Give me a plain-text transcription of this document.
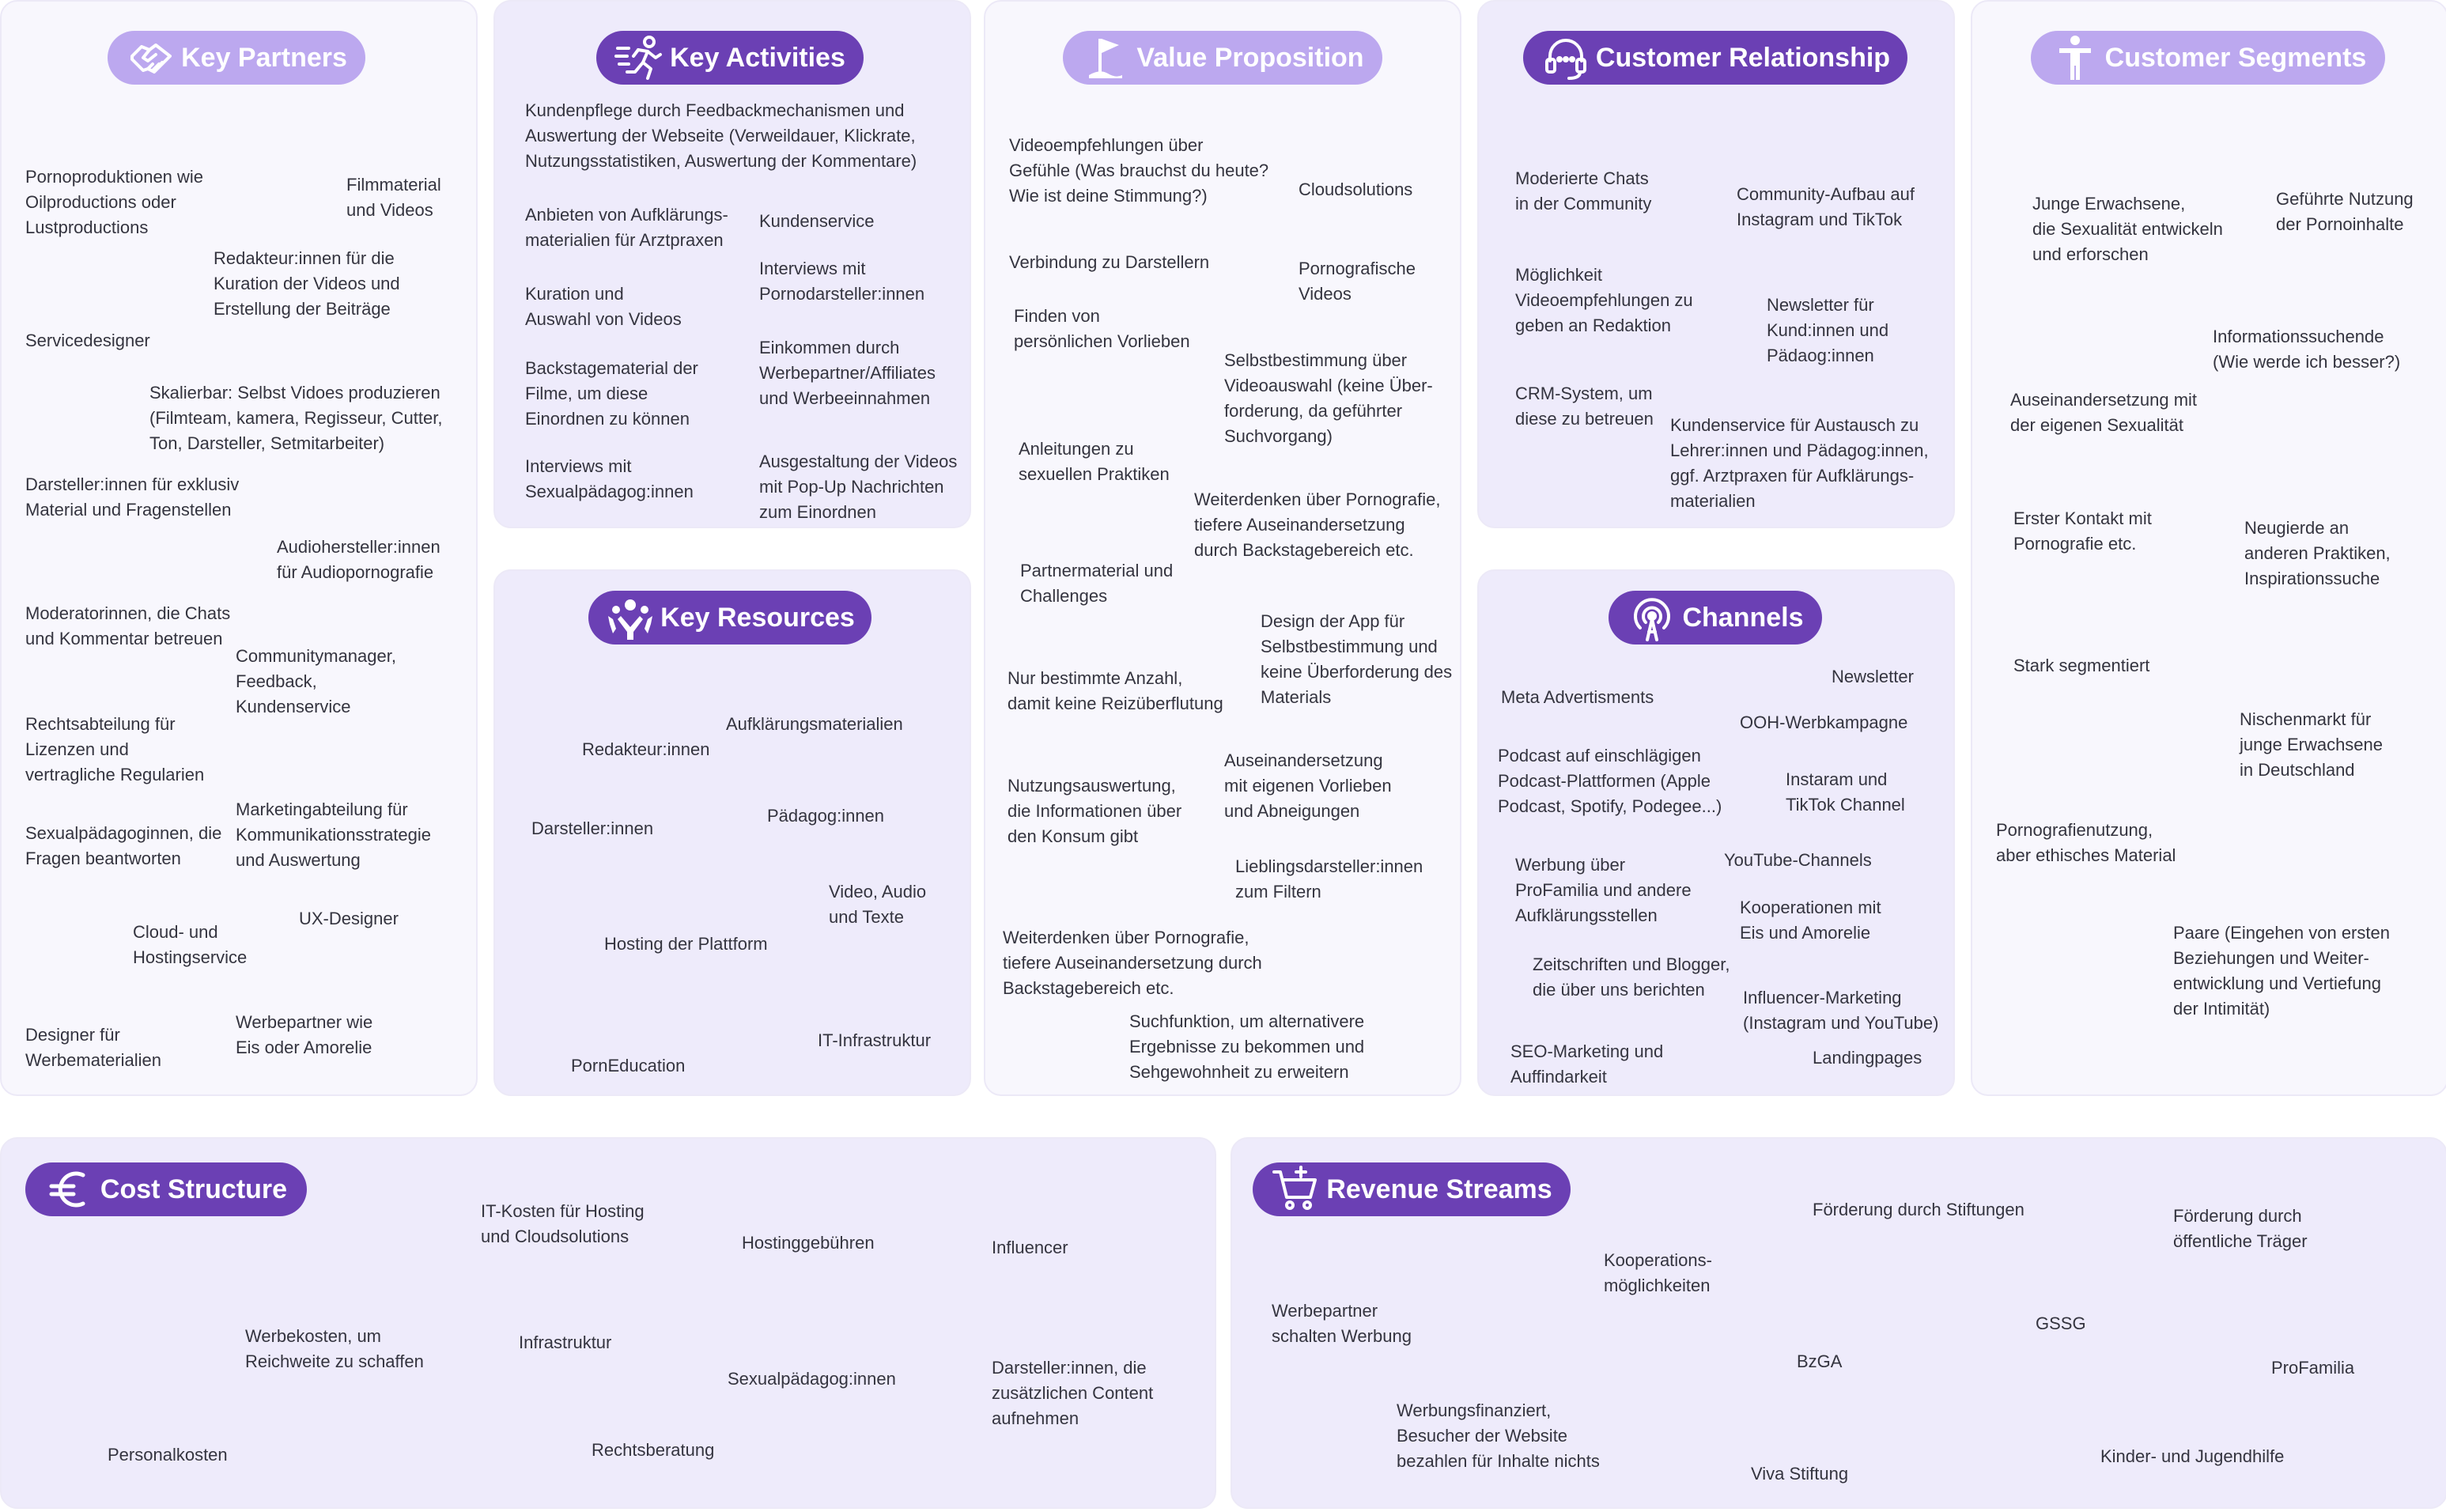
Key Partners	Key Activities
Key Resources
Value Proposition	Customer Relationship
Channels
Customer Segments
Cost Structure	Revenue Streams
Pornoproduktionen wie
Oilproductions oder
Lustproductions
Filmmaterial
und Videos
Redakteur:innen für die
Kuration der Videos und
Erstellung der Beiträge
Servicedesigner
Skalierbar: Selbst Vidoes produzieren
(Filmteam, kamera, Regisseur, Cutter,
Ton, Darsteller, Setmitarbeiter)
Darsteller:innen für exklusiv
Material und Fragenstellen
Audiohersteller:innen
für Audiopornografie
Moderatorinnen, die Chats
und Kommentar betreuen
Communitymanager,
Feedback,
Kundenservice
Rechtsabteilung für
Lizenzen und
vertragliche Regularien
Sexualpädagoginnen, die
Fragen beantworten
Marketingabteilung für
Kommunikationsstrategie
und Auswertung
UX-Designer
Cloud- und
Hostingservice
Werbepartner wie
Eis oder Amorelie
Designer für
Werbematerialien
Kundenpflege durch Feedbackmechanismen und
Auswertung der Webseite (Verweildauer, Klickrate,
Nutzungsstatistiken, Auswertung der Kommentare)
Anbieten von Aufklärungs-
materialien für Arztpraxen
Kundenservice
Interviews mit
Pornodarsteller:innen
Kuration und
Auswahl von Videos
Einkommen durch
Werbepartner/Affiliates
und Werbeeinnahmen
Backstagematerial der
Filme, um diese
Einordnen zu können
Interviews mit
Sexualpädagog:innen
Ausgestaltung der Videos
mit Pop-Up Nachrichten
zum Einordnen
Aufklärungsmaterialien
Redakteur:innen
Pädagog:innen
Darsteller:innen
Video, Audio
und Texte
Hosting der Plattform
IT-Infrastruktur
PornEducation
Videoempfehlungen über
Gefühle (Was brauchst du heute?
Wie ist deine Stimmung?)	Cloudsolutions
Verbindung zu Darstellern	Pornografische
Videos
Finden von
persönlichen Vorlieben
Selbstbestimmung über
Videoauswahl (keine Über-
forderung, da geführter
Suchvorgang)
Anleitungen zu
sexuellen Praktiken
Weiterdenken über Pornografie,
tiefere Auseinandersetzung
durch Backstagebereich etc.
Partnermaterial und
Challenges
Design der App für
Selbstbestimmung und
keine Überforderung des
Materials
Nur bestimmte Anzahl,
damit keine Reizüberflutung
Auseinandersetzung
mit eigenen Vorlieben
und Abneigungen
Nutzungsauswertung,
die Informationen über
den Konsum gibt
Lieblingsdarsteller:innen
zum Filtern
Weiterdenken über Pornografie,
tiefere Auseinandersetzung durch
Backstagebereich etc.
Suchfunktion, um alternativere
Ergebnisse zu bekommen und
Sehgewohnheit zu erweitern
Moderierte Chats
in der Community	Community-Aufbau auf
Instagram und TikTok
Möglichkeit
Videoempfehlungen zu
geben an Redaktion
Newsletter für
Kund:innen und
Pädaog:innen
CRM-System, um
diese zu betreuen Kundenservice für Austausch zu
Lehrer:innen und Pädagog:innen,
ggf. Arztpraxen für Aufklärungs-
materialien
Newsletter
Meta Advertisments
OOH-Werbkampagne
Podcast auf einschlägigen
Podcast-Plattformen (Apple
Podcast, Spotify, Podegee...)
Instaram und
TikTok Channel
Werbung über
ProFamilia und andere
Aufklärungsstellen
YouTube-Channels
Kooperationen mit
Eis und Amorelie
Zeitschriften und Blogger,
die über uns berichten	Influencer-Marketing
(Instagram und YouTube)
SEO-Marketing und
Auffindarkeit
Landingpages
Junge Erwachsene,
die Sexualität entwickeln
und erforschen
Geführte Nutzung
der Pornoinhalte
Informationssuchende
(Wie werde ich besser?)
Auseinandersetzung mit
der eigenen Sexualität
Erster Kontakt mit
Pornografie etc.
Neugierde an
anderen Praktiken,
Inspirationssuche
Stark segmentiert
Nischenmarkt für
junge Erwachsene
in Deutschland
Pornografienutzung,
aber ethisches Material
Paare (Eingehen von ersten
Beziehungen und Weiter-
entwicklung und Vertiefung
der Intimität)
IT-Kosten für Hosting
und Cloudsolutions	Hostinggebühren	Influencer
Werbekosten, um
Reichweite zu schaffen
Infrastruktur
Sexualpädagog:innen
Darsteller:innen, die
zusätzlichen Content
aufnehmen
Personalkosten	Rechtsberatung
Förderung durch Stiftungen	Förderung durch
öffentliche Träger
Kooperations-
möglichkeiten
Werbepartner
schalten Werbung
GSSG
BzGA	ProFamilia
Werbungsfinanziert,
Besucher der Website
bezahlen für Inhalte nichts
Viva Stiftung
Kinder- und Jugendhilfe
